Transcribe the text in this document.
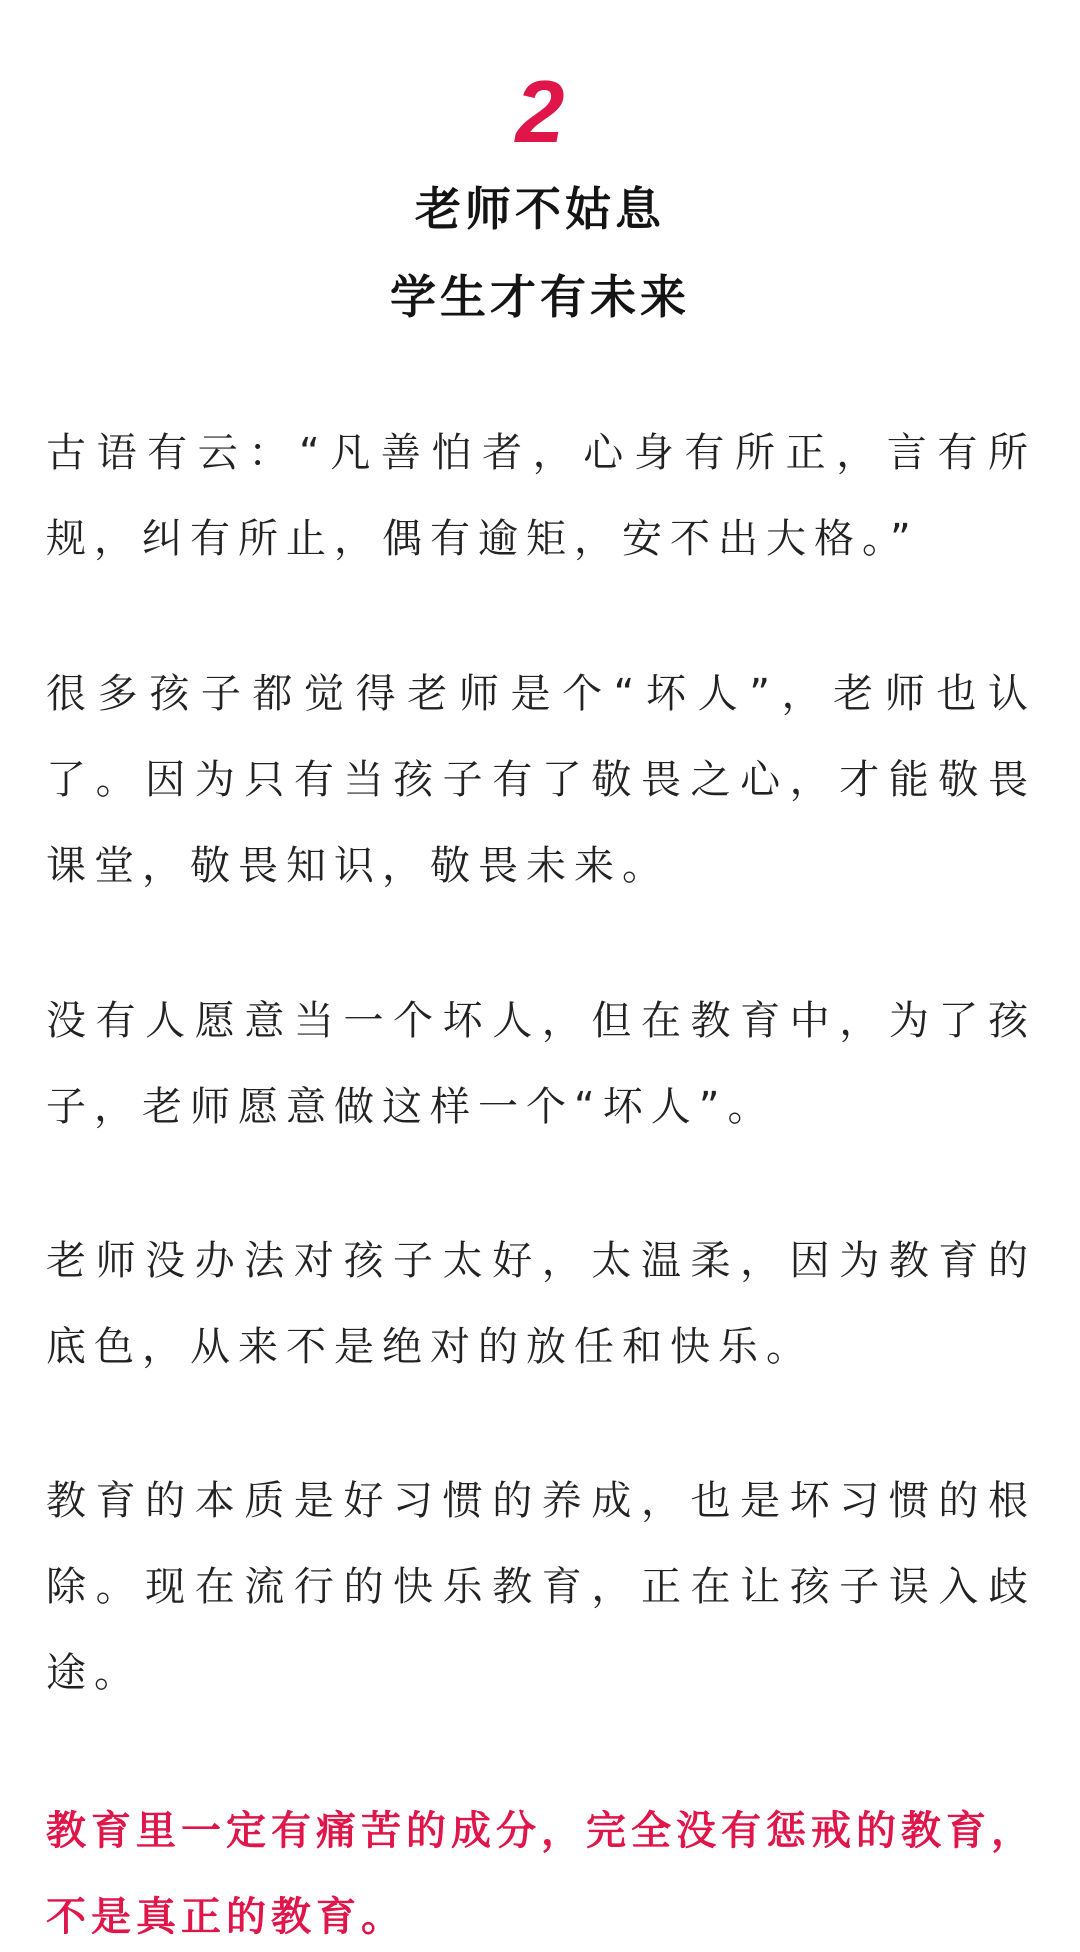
2
老师不姑息
学生才有未来
古语有云：“凡善怕者，心身有所正，言有所规，纠有所止，偶有逾矩，安不出大格。”
很多孩子都觉得老师是个“坏人”，老师也认了。因为只有当孩子有了敬畏之心，才能敬畏课堂，敬畏知识，敬畏未来。
没有人愿意当一个坏人，但在教育中，为了孩子，老师愿意做这样一个“坏人”。
老师没办法对孩子太好，太温柔，因为教育的底色，从来不是绝对的放任和快乐。
教育的本质是好习惯的养成，也是坏习惯的根除。现在流行的快乐教育，正在让孩子误入歧途。
教育里一定有痛苦的成分，完全没有惩戒的教育，不是真正的教育。
